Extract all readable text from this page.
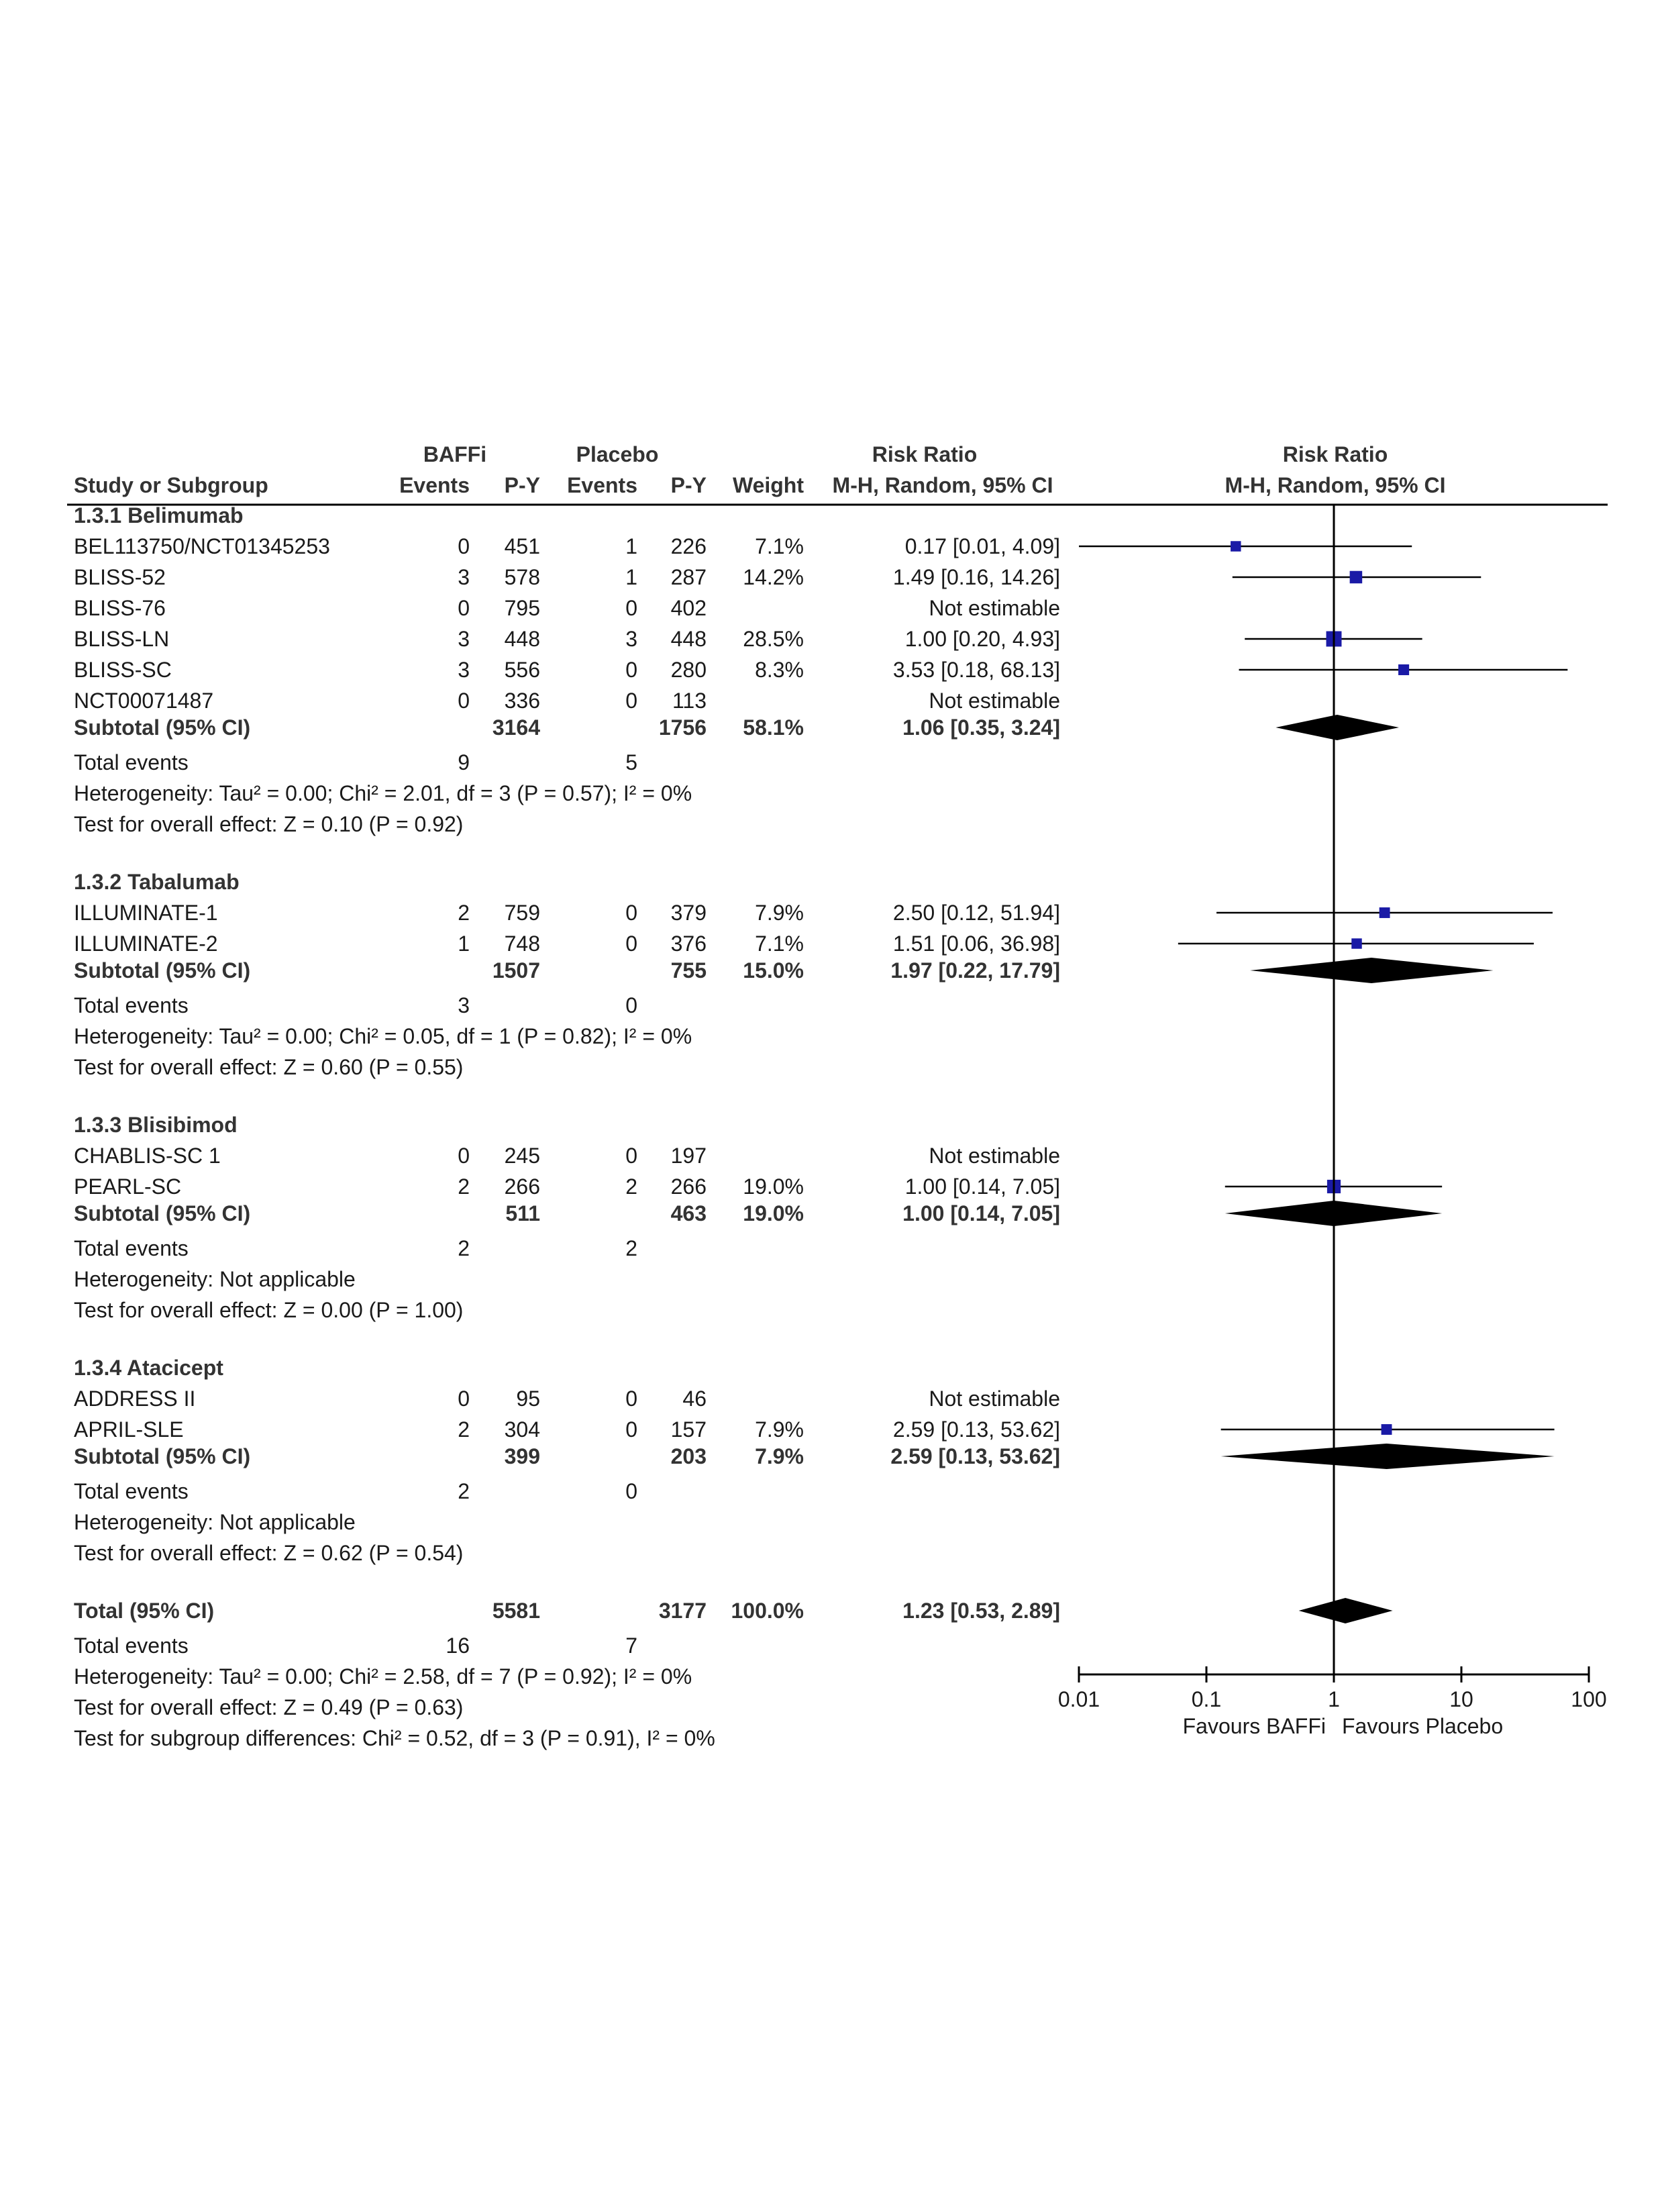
BAFFi	Placebo	Risk Ratio	Risk Ratio
Study or Subgroup	Events P-Y Events P-Y Weight M-H, Random, 95% CI	M-H, Random, 95% CI
1.3.1 Belimumab
BEL113750/NCT01345253	0 451	1 226 7.1%	0.17 [0.01, 4.09]
BLISS-52	3 578	1 287 14.2%	1.49 [0.16, 14.26]
BLISS-76	0 795	0 402	Not estimable
BLISS-LN	3 448	3 448 28.5%	1.00 [0.20, 4.93]
BLISS-SC	3 556	0 280 8.3%	3.53 [0.18, 68.13]
NCT00071487	0 336	0 113	Not estimable
Subtotal (95% CI)	3164	1756 58.1%	1.06 [0.35, 3.24]
Total events	9	5
Heterogeneity: Tau² = 0.00; Chi² = 2.01, df = 3 (P = 0.57); I² = 0%
Test for overall effect: Z = 0.10 (P = 0.92)
1.3.2 Tabalumab
ILLUMINATE-1	2 759	0 379 7.9%	2.50 [0.12, 51.94]
ILLUMINATE-2	1 748	0 376 7.1%	1.51 [0.06, 36.98]
Subtotal (95% CI)	1507	755 15.0%	1.97 [0.22, 17.79]
Total events	3	0
Heterogeneity: Tau² = 0.00; Chi² = 0.05, df = 1 (P = 0.82); I² = 0%
Test for overall effect: Z = 0.60 (P = 0.55)
1.3.3 Blisibimod
CHABLIS-SC 1	0 245	0 197	Not estimable
PEARL-SC	2 266	2 266 19.0%	1.00 [0.14, 7.05]
Subtotal (95% CI)	511	463 19.0%	1.00 [0.14, 7.05]
Total events	2	2
Heterogeneity: Not applicable
Test for overall effect: Z = 0.00 (P = 1.00)
1.3.4 Atacicept
ADDRESS II	0 95	0 46	Not estimable
APRIL-SLE	2 304	0 157 7.9%	2.59 [0.13, 53.62]
Subtotal (95% CI)	399	203 7.9%	2.59 [0.13, 53.62]
Total events	2	0
Heterogeneity: Not applicable
Test for overall effect: Z = 0.62 (P = 0.54)
Total (95% CI)	5581	3177 100.0%	1.23 [0.53, 2.89]
Total events	16	7
Heterogeneity: Tau² = 0.00; Chi² = 2.58, df = 7 (P = 0.92); I² = 0%
Test for overall effect: Z = 0.49 (P = 0.63)
Test for subgroup differences: Chi² = 0.52, df = 3 (P = 0.91), I² = 0%
0.01	0.1	1	10	100
Favours BAFFi Favours Placebo
